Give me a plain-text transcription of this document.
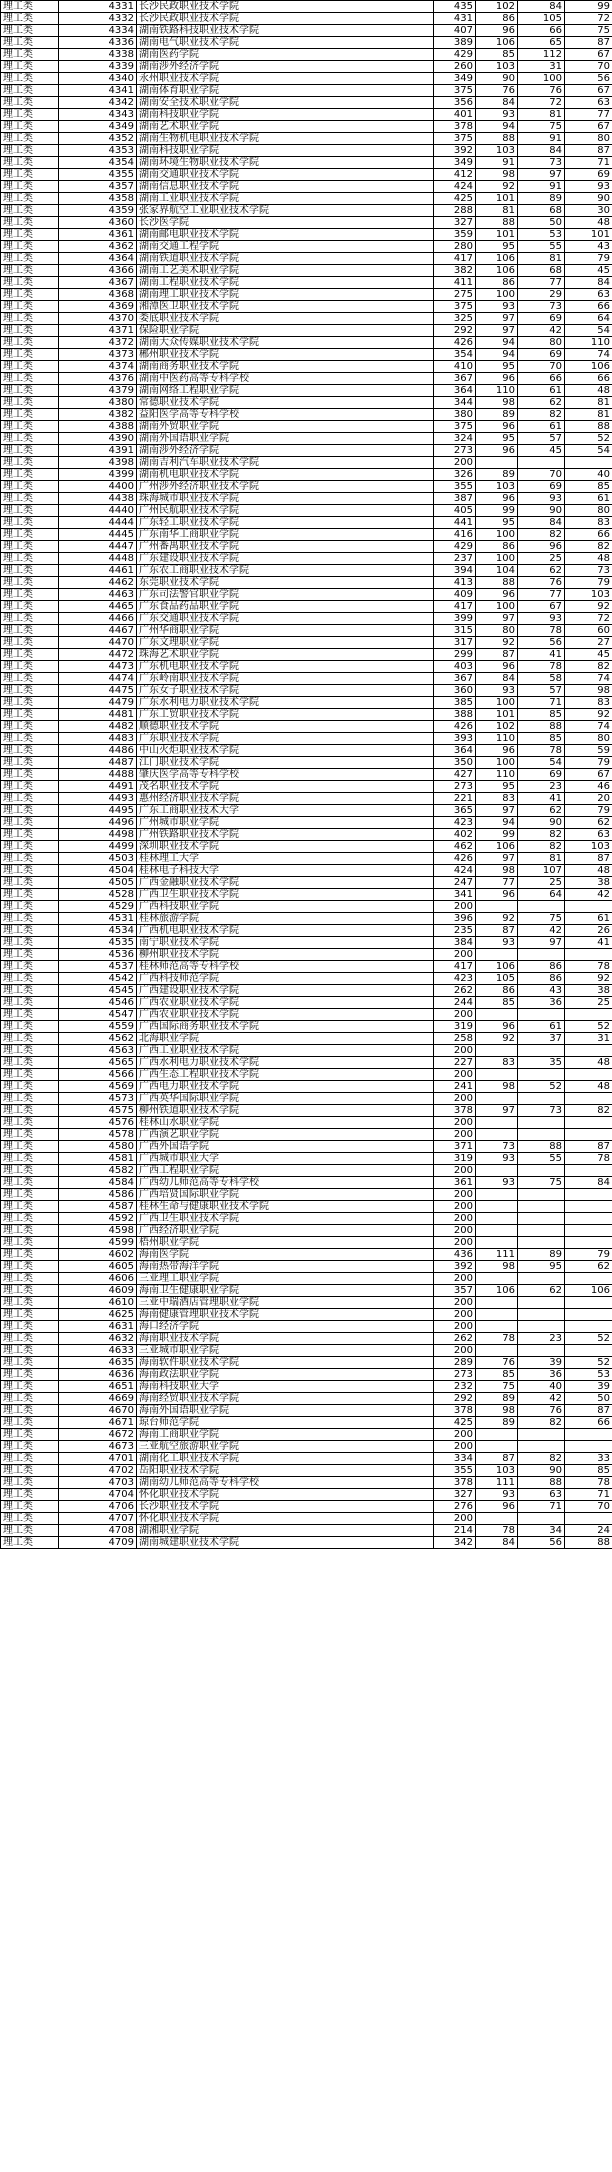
理工类	4331	长沙民政职业技术学院	435	102	84	99
理工类	4332	长沙民政职业技术学院	431	86	105	72
理工类	4334	湖南铁路科技职业技术学院	407	96	66	75
理工类	4336	湖南电气职业技术学院	389	106	65	87
理工类	4338	湖南医药学院	429	85	112	67
理工类	4339	湖南涉外经济学院	260	103	31	70
理工类	4340	永州职业技术学院	349	90	100	56
理工类	4341	湖南体育职业学院	375	76	76	67
理工类	4342	湖南安全技术职业学院	356	84	72	63
理工类	4343	湖南科技职业学院	401	93	81	77
理工类	4349	湖南艺术职业学院	378	94	75	67
理工类	4352	湖南生物机电职业技术学院	375	88	91	80
理工类	4353	湖南科技职业学院	392	103	84	87
理工类	4354	湖南环境生物职业技术学院	349	91	73	71
理工类	4355	湖南交通职业技术学院	412	98	97	69
理工类	4357	湖南信息职业技术学院	424	92	91	93
理工类	4358	湖南工业职业技术学院	425	101	89	90
理工类	4359	张家界航空工业职业技术学院	288	81	68	30
理工类	4360	长沙医学院	327	88	50	48
理工类	4361	湖南邮电职业技术学院	359	101	53	101
理工类	4362	湖南交通工程学院	280	95	55	43
理工类	4364	湖南铁道职业技术学院	417	106	81	79
理工类	4366	湖南工艺美术职业学院	382	106	68	45
理工类	4367	湖南工程职业技术学院	411	86	77	84
理工类	4368	湖南理工职业技术学院	275	100	29	63
理工类	4369	湘潭医卫职业技术学院	375	93	73	66
理工类	4370	娄底职业技术学院	325	97	69	64
理工类	4371	保险职业学院	292	97	42	54
理工类	4372	湖南大众传媒职业技术学院	426	94	80	110
理工类	4373	郴州职业技术学院	354	94	69	74
理工类	4374	湖南商务职业技术学院	410	95	70	106
理工类	4376	湖南中医药高等专科学校	367	96	66	66
理工类	4379	湖南网络工程职业学院	364	110	61	48
理工类	4380	常德职业技术学院	344	98	62	81
理工类	4382	益阳医学高等专科学校	380	89	82	81
理工类	4388	湖南外贸职业学院	375	96	61	88
理工类	4390	湖南外国语职业学院	324	95	57	52
理工类	4391	湖南涉外经济学院	273	96	45	54
理工类	4398	湖南吉利汽车职业技术学院	200			
理工类	4399	湖南机电职业技术学院	326	89	70	40
理工类	4400	广州涉外经济职业技术学院	355	103	69	85
理工类	4438	珠海城市职业技术学院	387	96	93	61
理工类	4440	广州民航职业技术学院	405	99	90	80
理工类	4444	广东轻工职业技术学院	441	95	84	83
理工类	4445	广东南华工商职业学院	416	100	82	66
理工类	4447	广州番禺职业技术学院	429	86	96	82
理工类	4448	广东建设职业技术学院	237	100	25	48
理工类	4461	广东农工商职业技术学院	394	104	62	73
理工类	4462	东莞职业技术学院	413	88	76	79
理工类	4463	广东司法警官职业学院	409	96	77	103
理工类	4465	广东食品药品职业学院	417	100	67	92
理工类	4466	广东交通职业技术学院	399	97	93	72
理工类	4467	广州华商职业学院	315	80	78	60
理工类	4470	广东文理职业学院	317	92	56	27
理工类	4472	珠海艺术职业学院	299	87	41	45
理工类	4473	广东机电职业技术学院	403	96	78	82
理工类	4474	广东岭南职业技术学院	367	84	58	74
理工类	4475	广东女子职业技术学院	360	93	57	98
理工类	4479	广东水利电力职业技术学院	385	100	71	83
理工类	4481	广东工贸职业技术学院	388	101	85	92
理工类	4482	顺德职业技术学院	426	102	88	74
理工类	4483	广东职业技术学院	393	110	85	80
理工类	4486	中山火炬职业技术学院	364	96	78	59
理工类	4487	江门职业技术学院	350	100	54	79
理工类	4488	肇庆医学高等专科学校	427	110	69	67
理工类	4491	茂名职业技术学院	273	95	23	46
理工类	4493	惠州经济职业技术学院	221	83	41	20
理工类	4495	广东工商职业技术大学	365	97	62	79
理工类	4496	广州城市职业学院	423	94	90	62
理工类	4498	广州铁路职业技术学院	402	99	82	63
理工类	4499	深圳职业技术学院	462	106	82	103
理工类	4503	桂林理工大学	426	97	81	87
理工类	4504	桂林电子科技大学	424	98	107	48
理工类	4505	广西金融职业技术学院	247	77	25	38
理工类	4528	广西卫生职业技术学院	341	96	64	42
理工类	4529	广西科技职业学院	200			
理工类	4531	桂林旅游学院	396	92	75	61
理工类	4534	广西机电职业技术学院	235	87	42	26
理工类	4535	南宁职业技术学院	384	93	97	41
理工类	4536	柳州职业技术学院	200			
理工类	4537	桂林师范高等专科学校	417	106	86	78
理工类	4542	广西科技师范学院	423	105	86	92
理工类	4545	广西建设职业技术学院	262	86	43	38
理工类	4546	广西农业职业技术学院	244	85	36	25
理工类	4547	广西农业职业技术学院	200			
理工类	4559	广西国际商务职业技术学院	319	96	61	52
理工类	4562	北海职业学院	258	92	37	31
理工类	4563	广西工业职业技术学院	200			
理工类	4565	广西水利电力职业技术学院	227	83	35	48
理工类	4566	广西生态工程职业技术学院	200			
理工类	4569	广西电力职业技术学院	241	98	52	48
理工类	4573	广西英华国际职业学院	200			
理工类	4575	柳州铁道职业技术学院	378	97	73	82
理工类	4576	桂林山水职业学院	200			
理工类	4578	广西演艺职业学院	200			
理工类	4580	广西外国语学院	371	73	88	87
理工类	4581	广西城市职业大学	319	93	55	78
理工类	4582	广西工程职业学院	200			
理工类	4584	广西幼儿师范高等专科学校	361	93	75	84
理工类	4586	广西培贤国际职业学院	200			
理工类	4587	桂林生命与健康职业技术学院	200			
理工类	4592	广西卫生职业技术学院	200			
理工类	4598	广西经济职业学院	200			
理工类	4599	梧州职业学院	200			
理工类	4602	海南医学院	436	111	89	79
理工类	4605	海南热带海洋学院	392	98	95	62
理工类	4606	三亚理工职业学院	200			
理工类	4609	海南卫生健康职业学院	357	106	62	106
理工类	4610	三亚中瑞酒店管理职业学院	200			
理工类	4625	海南健康管理职业技术学院	200			
理工类	4631	海口经济学院	200			
理工类	4632	海南职业技术学院	262	78	23	52
理工类	4633	三亚城市职业学院	200			
理工类	4635	海南软件职业技术学院	289	76	39	52
理工类	4636	海南政法职业学院	273	85	36	53
理工类	4651	海南科技职业大学	232	75	40	39
理工类	4669	海南经贸职业技术学院	292	89	42	50
理工类	4670	海南外国语职业学院	378	98	76	87
理工类	4671	琼台师范学院	425	89	82	66
理工类	4672	海南工商职业学院	200			
理工类	4673	三亚航空旅游职业学院	200			
理工类	4701	湖南化工职业技术学院	334	87	82	33
理工类	4702	岳阳职业技术学院	355	103	90	85
理工类	4703	湖南幼儿师范高等专科学校	378	111	88	78
理工类	4704	怀化职业技术学院	327	93	63	71
理工类	4706	长沙职业技术学院	276	96	71	70
理工类	4707	怀化职业技术学院	200			
理工类	4708	湖湘职业学院	214	78	34	24
理工类	4709	湖南城建职业技术学院	342	84	56	88
